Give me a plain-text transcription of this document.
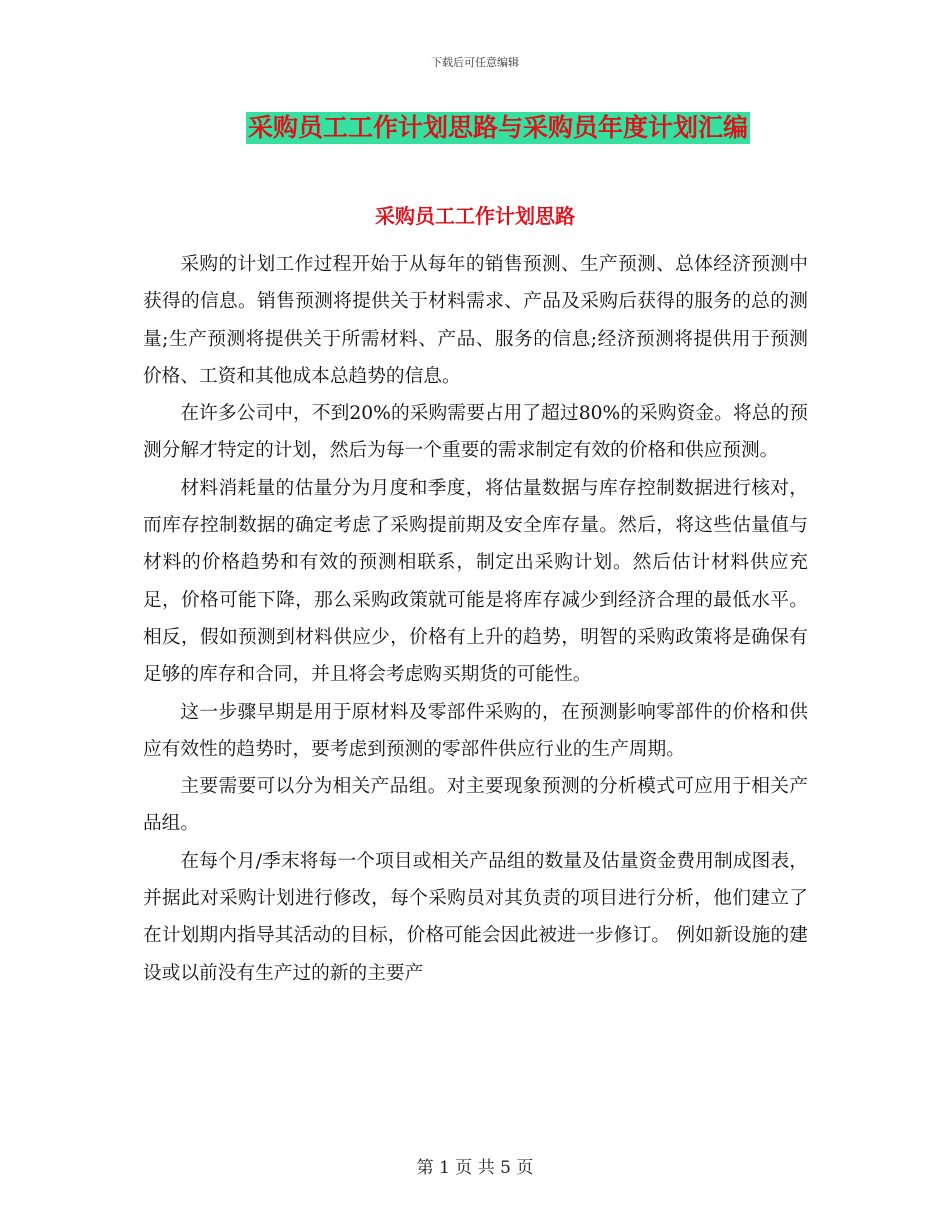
下载后可任意编辑
采购员工工作计划思路与采购员年度计划汇编
采购员工工作计划思路

采购的计划工作过程开始于从每年的销售预测、生产预测、总体经济预测中获得的信息。销售预测将提供关于材料需求、产品及采购后获得的服务的总的测量;生产预测将提供关于所需材料、产品、服务的信息;经济预测将提供用于预测价格、工资和其他成本总趋势的信息。

在许多公司中，不到20%的采购需要占用了超过80%的采购资金。将总的预测分解才特定的计划，然后为每一个重要的需求制定有效的价格和供应预测。

材料消耗量的估量分为月度和季度，将估量数据与库存控制数据进行核对，而库存控制数据的确定考虑了采购提前期及安全库存量。然后，将这些估量值与材料的价格趋势和有效的预测相联系，制定出采购计划。然后估计材料供应充足，价格可能下降，那么采购政策就可能是将库存减少到经济合理的最低水平。相反，假如预测到材料供应少，价格有上升的趋势，明智的采购政策将是确保有足够的库存和合同，并且将会考虑购买期货的可能性。

这一步骤早期是用于原材料及零部件采购的，在预测影响零部件的价格和供应有效性的趋势时，要考虑到预测的零部件供应行业的生产周期。

主要需要可以分为相关产品组。对主要现象预测的分析模式可应用于相关产品组。

在每个月/季末将每一个项目或相关产品组的数量及估量资金费用制成图表，并据此对采购计划进行修改，每个采购员对其负责的项目进行分析，他们建立了在计划期内指导其活动的目标，价格可能会因此被进一步修订。 例如新设施的建设或以前没有生产过的新的主要产

第 1 页 共 5 页
